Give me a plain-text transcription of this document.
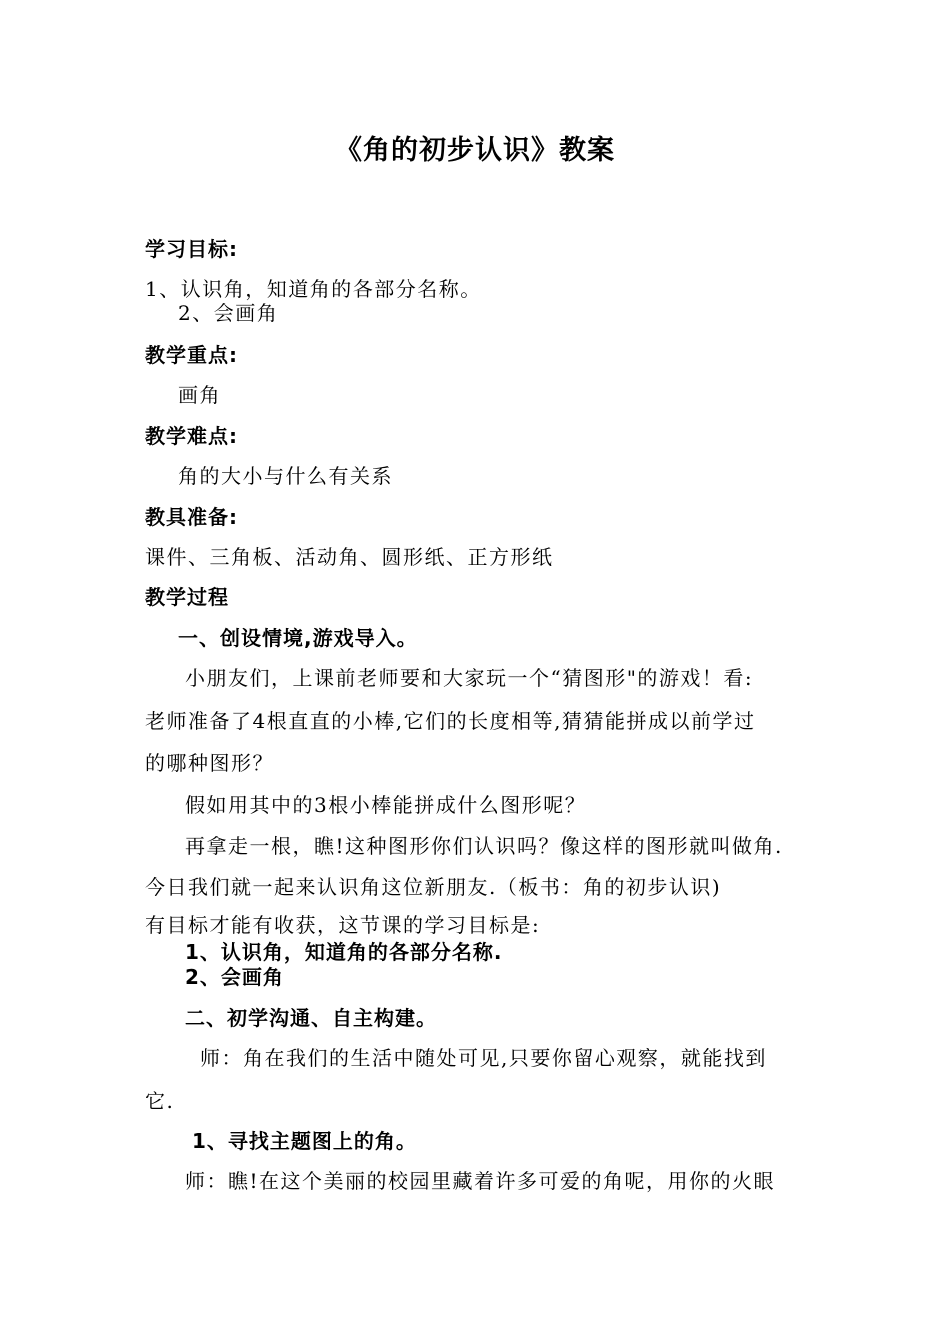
《角的初步认识》教案
学习目标:
1、认识角，知道角的各部分名称。
2、会画角
教学重点:
画角
教学难点:
角的大小与什么有关系
教具准备:
课件、三角板、活动角、圆形纸、正方形纸
教学过程
一、创设情境,游戏导入。
小朋友们，上课前老师要和大家玩一个“猜图形"的游戏！看:
老师准备了4根直直的小棒,它们的长度相等,猜猜能拼成以前学过
的哪种图形？
假如用其中的3根小棒能拼成什么图形呢？
再拿走一根，瞧!这种图形你们认识吗？像这样的图形就叫做角.
今日我们就一起来认识角这位新朋友.（板书：角的初步认识)
有目标才能有收获，这节课的学习目标是:
1、认识角，知道角的各部分名称.
2、会画角
二、初学沟通、自主构建。
师：角在我们的生活中随处可见,只要你留心观察，就能找到
它.
1、寻找主题图上的角。
师：瞧!在这个美丽的校园里藏着许多可爱的角呢，用你的火眼
